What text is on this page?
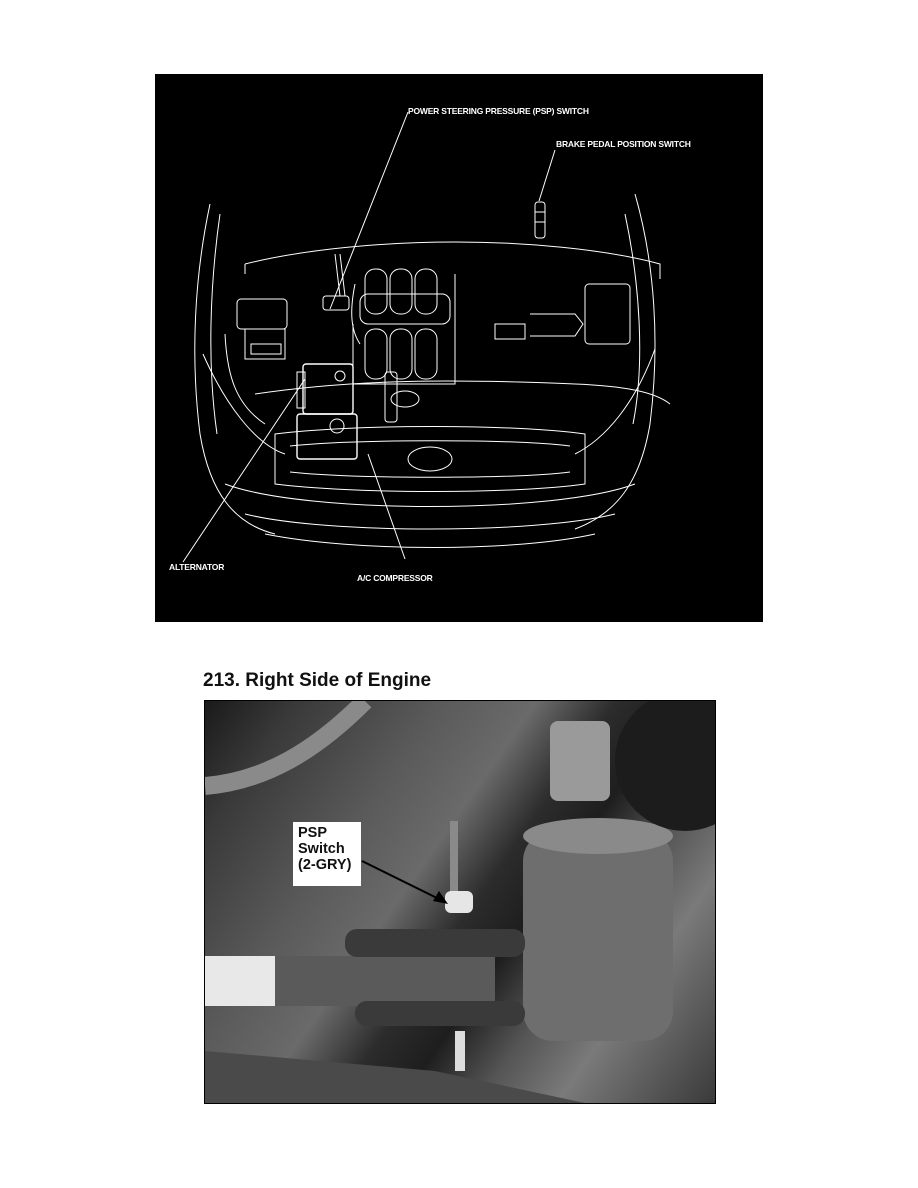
POWER STEERING PRESSURE (PSP) SWITCH
BRAKE PEDAL POSITION SWITCH
ALTERNATOR
A/C COMPRESSOR
213. Right Side of Engine
PSP
Switch
(2-GRY)
